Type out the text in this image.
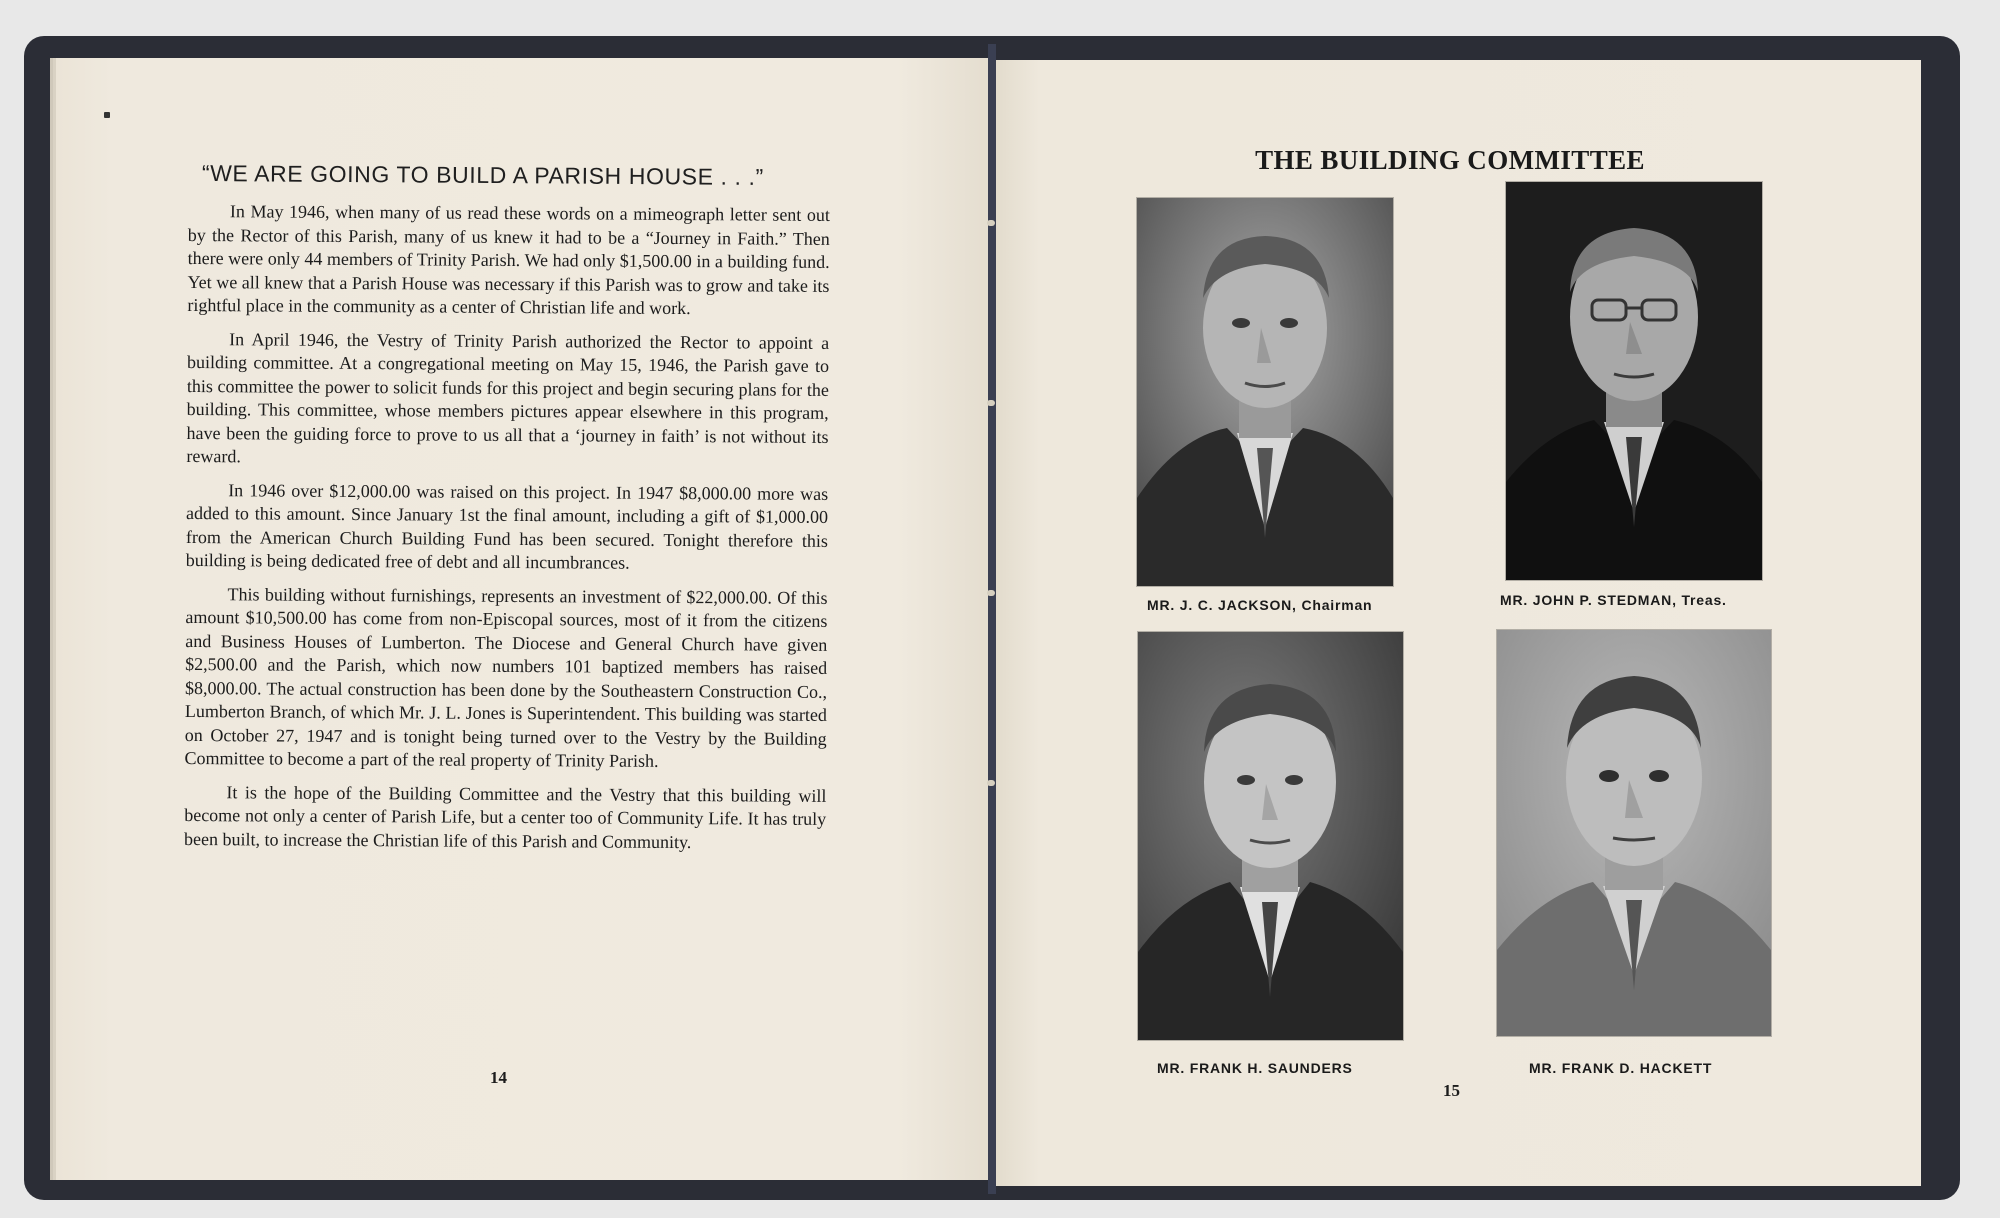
“WE ARE GOING TO BUILD A PARISH HOUSE . . .”

In May 1946, when many of us read these words on a mimeograph letter sent out by the Rector of this Parish, many of us knew it had to be a “Journey in Faith.” Then there were only 44 members of Trinity Parish. We had only $1,500.00 in a building fund. Yet we all knew that a Parish House was necessary if this Parish was to grow and take its rightful place in the community as a center of Christian life and work.

In April 1946, the Vestry of Trinity Parish authorized the Rector to appoint a building committee. At a congregational meeting on May 15, 1946, the Parish gave to this committee the power to solicit funds for this project and begin securing plans for the building. This committee, whose members pictures appear elsewhere in this program, have been the guiding force to prove to us all that a ‘journey in faith’ is not without its reward.

In 1946 over $12,000.00 was raised on this project. In 1947 $8,000.00 more was added to this amount. Since January 1st the final amount, including a gift of $1,000.00 from the American Church Building Fund has been secured. Tonight therefore this building is being dedicated free of debt and all incumbrances.

This building without furnishings, represents an investment of $22,000.00. Of this amount $10,500.00 has come from non-Episcopal sources, most of it from the citizens and Business Houses of Lumberton. The Diocese and General Church have given $2,500.00 and the Parish, which now numbers 101 baptized members has raised $8,000.00. The actual construction has been done by the Southeastern Construction Co., Lumberton Branch, of which Mr. J. L. Jones is Superintendent. This building was started on October 27, 1947 and is tonight being turned over to the Vestry by the Building Committee to become a part of the real property of Trinity Parish.

It is the hope of the Building Committee and the Vestry that this building will become not only a center of Parish Life, but a center too of Community Life. It has truly been built, to increase the Christian life of this Parish and Community.

14
THE BUILDING COMMITTEE
MR. J. C. JACKSON, Chairman	MR. JOHN P. STEDMAN, Treas.
MR. FRANK H. SAUNDERS	MR. FRANK D. HACKETT
15
